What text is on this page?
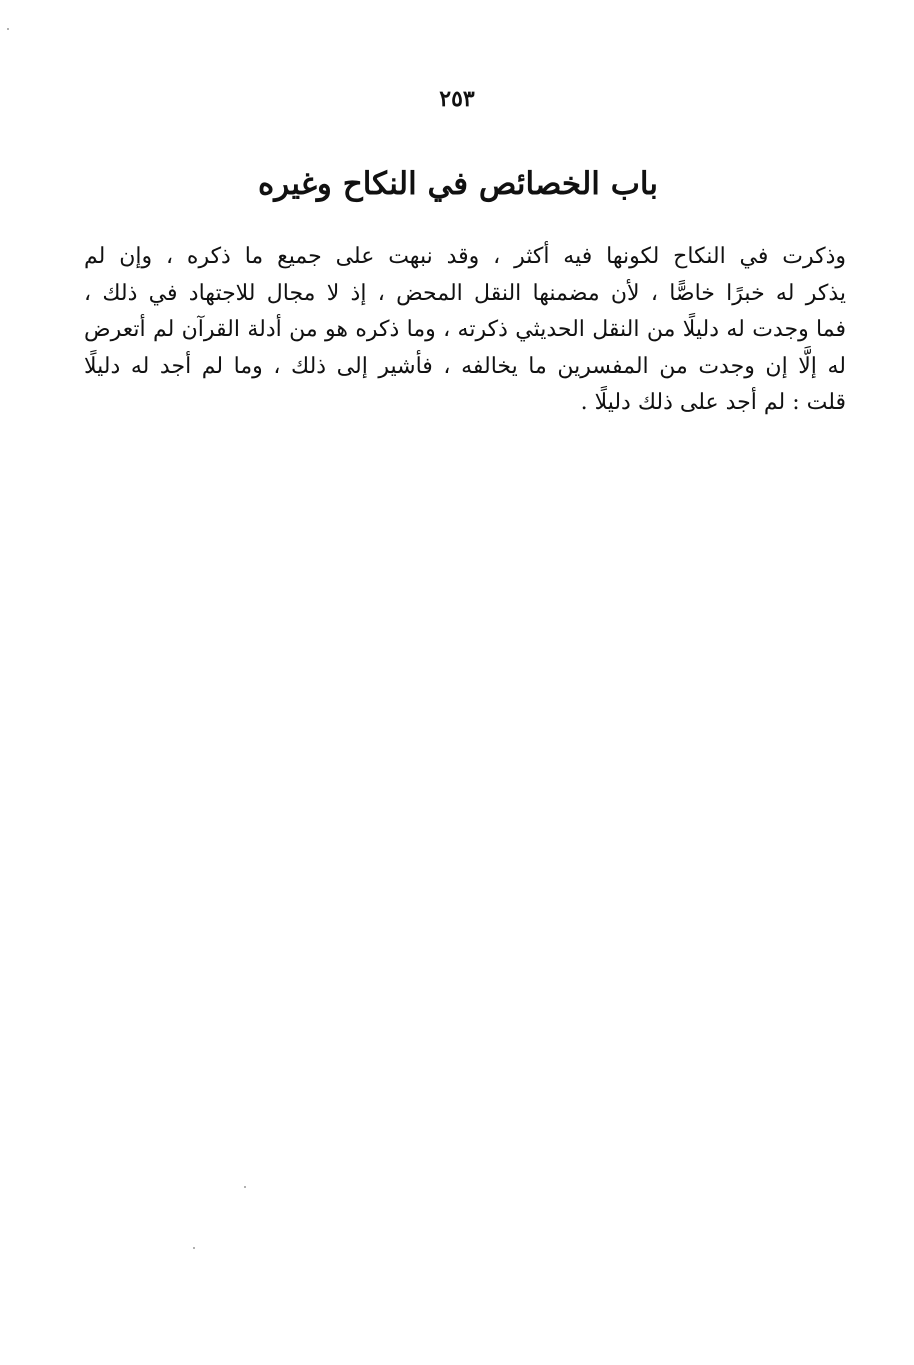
٢٥٣
باب الخصائص في النكاح وغيره
وذكرت في النكاح لكونها فيه أكثر ، وقد نبهت على جميع ما ذكره ، وإن لم
يذكر له خبرًا خاصًّا ، لأن مضمنها النقل المحض ، إذ لا مجال للاجتهاد في ذلك ،
فما وجدت له دليلًا من النقل الحديثي ذكرته ، وما ذكره هو من أدلة القرآن لم أتعرض
له إلَّا إن وجدت من المفسرين ما يخالفه ، فأشير إلى ذلك ، وما لم أجد له دليلًا
قلت : لم أجد على ذلك دليلًا .
